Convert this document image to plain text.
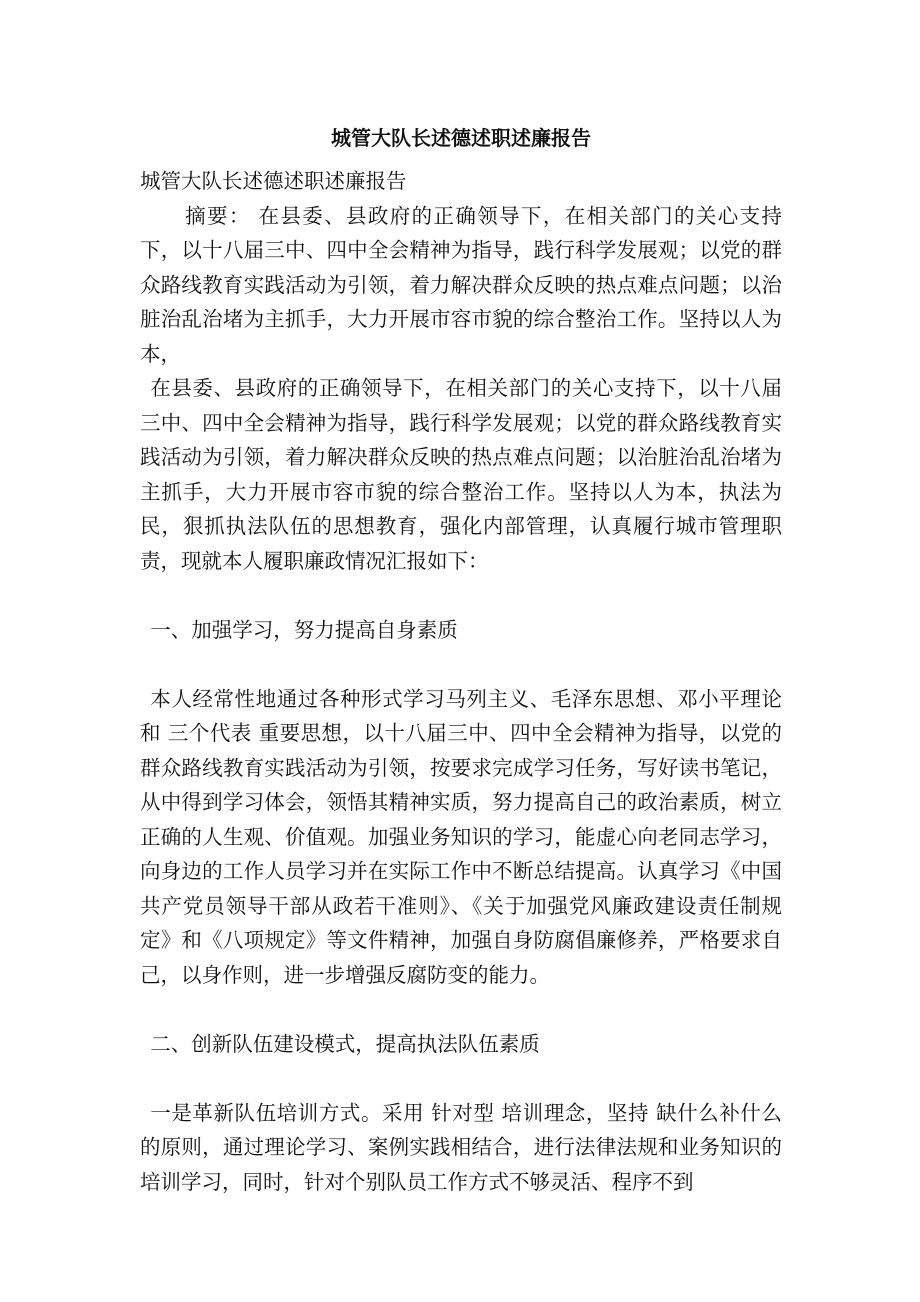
城管大队长述德述职述廉报告

城管大队长述德述职述廉报告

摘要： 在县委、县政府的正确领导下，在相关部门的关心支持下，以十八届三中、四中全会精神为指导，践行科学发展观；以党的群众路线教育实践活动为引领，着力解决群众反映的热点难点问题；以治脏治乱治堵为主抓手，大力开展市容市貌的综合整治工作。坚持以人为本，

在县委、县政府的正确领导下，在相关部门的关心支持下，以十八届三中、四中全会精神为指导，践行科学发展观；以党的群众路线教育实践活动为引领，着力解决群众反映的热点难点问题；以治脏治乱治堵为主抓手，大力开展市容市貌的综合整治工作。坚持以人为本，执法为民，狠抓执法队伍的思想教育，强化内部管理，认真履行城市管理职责，现就本人履职廉政情况汇报如下：

一、加强学习，努力提高自身素质

本人经常性地通过各种形式学习马列主义、毛泽东思想、邓小平理论和 三个代表 重要思想，以十八届三中、四中全会精神为指导，以党的群众路线教育实践活动为引领，按要求完成学习任务，写好读书笔记，从中得到学习体会，领悟其精神实质，努力提高自己的政治素质，树立正确的人生观、价值观。加强业务知识的学习，能虚心向老同志学习，向身边的工作人员学习并在实际工作中不断总结提高。认真学习《中国共产党员领导干部从政若干准则》、《关于加强党风廉政建设责任制规定》和《八项规定》等文件精神，加强自身防腐倡廉修养，严格要求自己，以身作则，进一步增强反腐防变的能力。

二、创新队伍建设模式，提高执法队伍素质

一是革新队伍培训方式。采用 针对型 培训理念，坚持 缺什么补什么 的原则，通过理论学习、案例实践相结合，进行法律法规和业务知识的培训学习，同时，针对个别队员工作方式不够灵活、程序不到
